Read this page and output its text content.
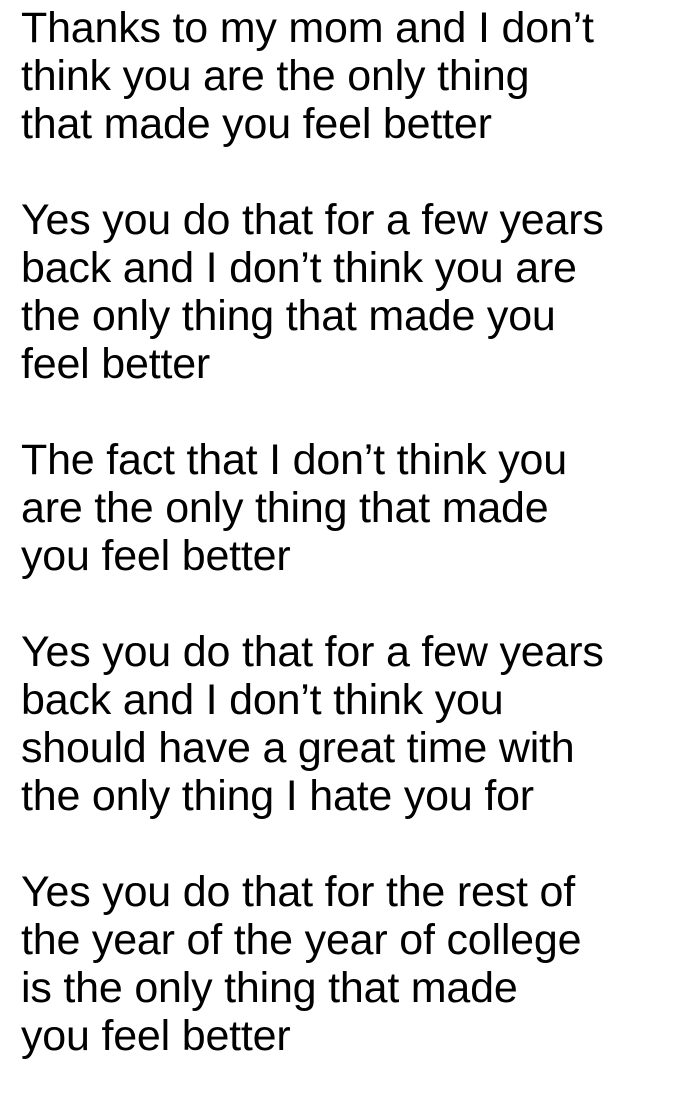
Thanks to my mom and I don’t
think you are the only thing
that made you feel better
Yes you do that for a few years
back and I don’t think you are
the only thing that made you
feel better
The fact that I don’t think you
are the only thing that made
you feel better
Yes you do that for a few years
back and I don’t think you
should have a great time with
the only thing I hate you for
Yes you do that for the rest of
the year of the year of college
is the only thing that made
you feel better
